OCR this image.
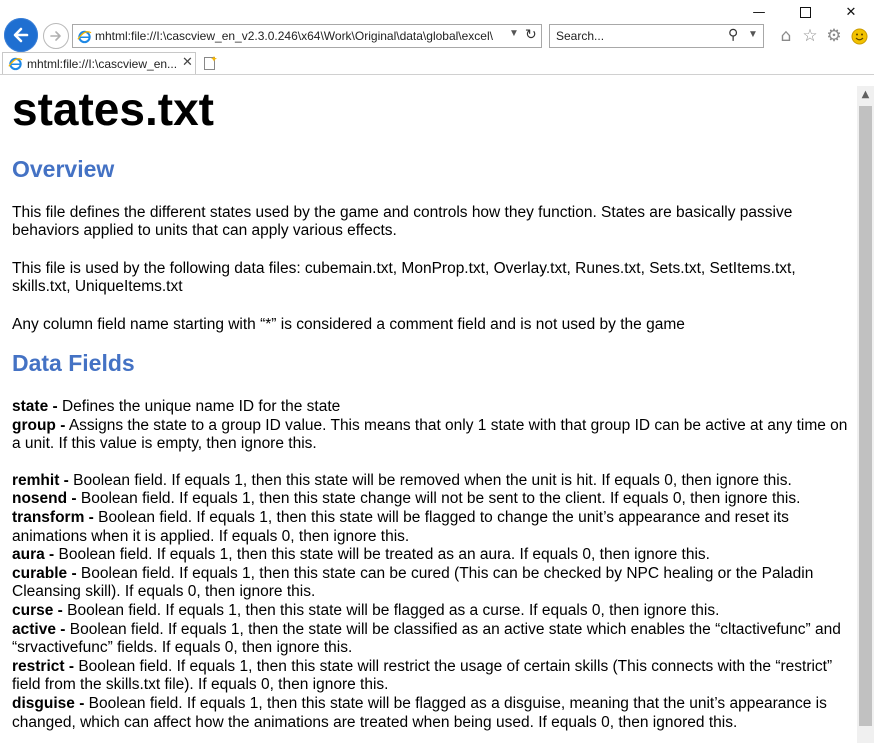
—	✕
mhtml:file://I:\cascview_en_v2.3.0.246\x64\Work\Original\data\global\excel\	▼ ↻
Search...	⚲ ▼ ⌂ ☆ ⚙
mhtml:file://I:\cascview_en... ✕
states.txt
Overview

This file defines the different states used by the game and controls how they function. States are basically passive behaviors applied to units that can apply various effects.

This file is used by the following data files: cubemain.txt, MonProp.txt, Overlay.txt, Runes.txt, Sets.txt, SetItems.txt, skills.txt, UniqueItems.txt

Any column field name starting with “*” is considered a comment field and is not used by the game

Data Fields

state - Defines the unique name ID for the state

group - Assigns the state to a group ID value. This means that only 1 state with that group ID can be active at any time on a unit. If this value is empty, then ignore this.

remhit - Boolean field. If equals 1, then this state will be removed when the unit is hit. If equals 0, then ignore this.

nosend - Boolean field. If equals 1, then this state change will not be sent to the client. If equals 0, then ignore this.

transform - Boolean field. If equals 1, then this state will be flagged to change the unit’s appearance and reset its animations when it is applied. If equals 0, then ignore this.

aura - Boolean field. If equals 1, then this state will be treated as an aura. If equals 0, then ignore this.

curable - Boolean field. If equals 1, then this state can be cured (This can be checked by NPC healing or the Paladin Cleansing skill). If equals 0, then ignore this.

curse - Boolean field. If equals 1, then this state will be flagged as a curse. If equals 0, then ignore this.

active - Boolean field. If equals 1, then the state will be classified as an active state which enables the “cltactivefunc” and “srvactivefunc” fields. If equals 0, then ignore this.

restrict - Boolean field. If equals 1, then this state will restrict the usage of certain skills (This connects with the “restrict” field from the skills.txt file). If equals 0, then ignore this.

disguise - Boolean field. If equals 1, then this state will be flagged as a disguise, meaning that the unit’s appearance is changed, which can affect how the animations are treated when being used. If equals 0, then ignored this.

▲
